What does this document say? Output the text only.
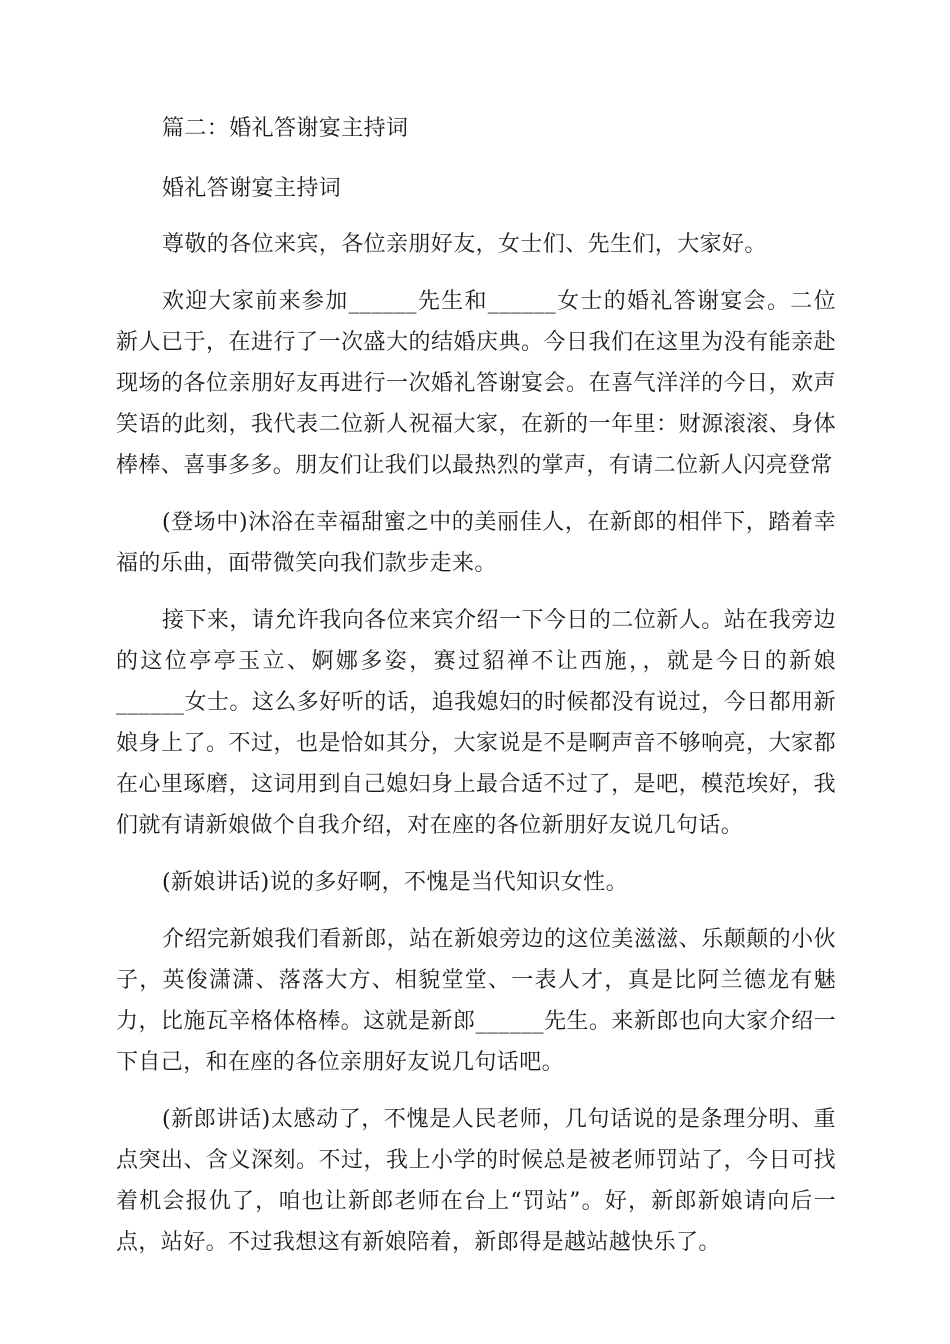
篇二：婚礼答谢宴主持词

婚礼答谢宴主持词

尊敬的各位来宾，各位亲朋好友，女士们、先生们，大家好。

欢迎大家前来参加______先生和______女士的婚礼答谢宴会。二位新人已于，在进行了一次盛大的结婚庆典。今日我们在这里为没有能亲赴现场的各位亲朋好友再进行一次婚礼答谢宴会。在喜气洋洋的今日，欢声笑语的此刻，我代表二位新人祝福大家，在新的一年里：财源滚滚、身体棒棒、喜事多多。朋友们让我们以最热烈的掌声，有请二位新人闪亮登常

(登场中)沐浴在幸福甜蜜之中的美丽佳人，在新郎的相伴下，踏着幸福的乐曲，面带微笑向我们款步走来。

接下来，请允许我向各位来宾介绍一下今日的二位新人。站在我旁边的这位亭亭玉立、婀娜多姿，赛过貂禅不让西施，，就是今日的新娘______女士。这么多好听的话，追我媳妇的时候都没有说过，今日都用新娘身上了。不过，也是恰如其分，大家说是不是啊声音不够响亮，大家都在心里琢磨，这词用到自己媳妇身上最合适不过了，是吧，模范埃好，我们就有请新娘做个自我介绍，对在座的各位新朋好友说几句话。

(新娘讲话)说的多好啊，不愧是当代知识女性。

介绍完新娘我们看新郎，站在新娘旁边的这位美滋滋、乐颠颠的小伙子，英俊潇潇、落落大方、相貌堂堂、一表人才，真是比阿兰德龙有魅力，比施瓦辛格体格棒。这就是新郎______先生。来新郎也向大家介绍一下自己，和在座的各位亲朋好友说几句话吧。

(新郎讲话)太感动了，不愧是人民老师，几句话说的是条理分明、重点突出、含义深刻。不过，我上小学的时候总是被老师罚站了，今日可找着机会报仇了，咱也让新郎老师在台上“罚站”。好，新郎新娘请向后一点，站好。不过我想这有新娘陪着，新郎得是越站越快乐了。
